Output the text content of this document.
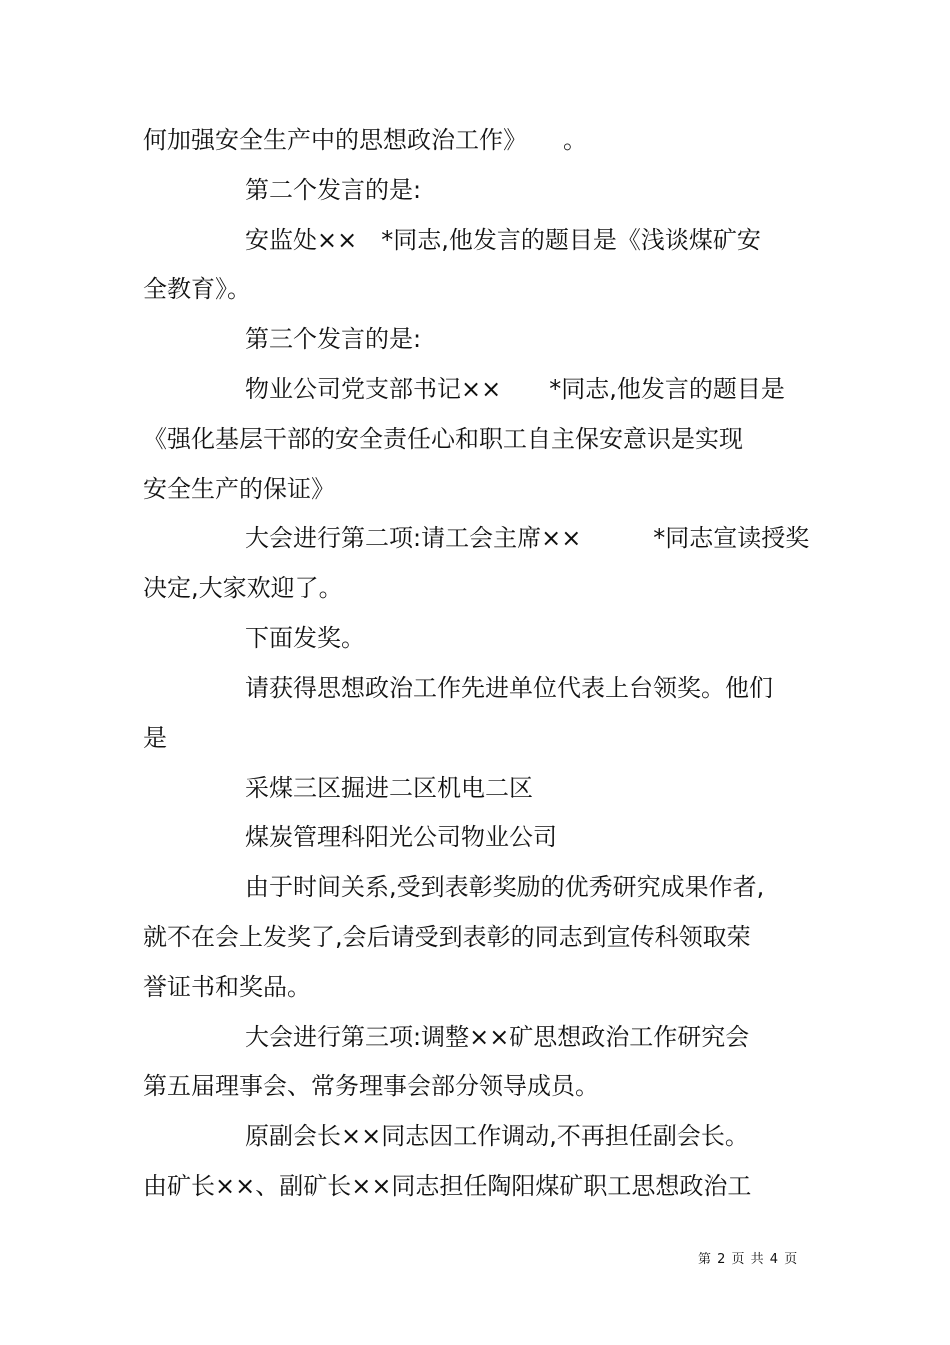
何加强安全生产中的思想政治工作》　　。
第二个发言的是:
安监处××　*同志,他发言的题目是《浅谈煤矿安
全教育》。
第三个发言的是:
物业公司党支部书记××　　*同志,他发言的题目是
《强化基层干部的安全责任心和职工自主保安意识是实现
安全生产的保证》
大会进行第二项:请工会主席××　　　*同志宣读授奖
决定,大家欢迎了。
下面发奖。
请获得思想政治工作先进单位代表上台领奖。他们
是
采煤三区掘进二区机电二区
煤炭管理科阳光公司物业公司
由于时间关系,受到表彰奖励的优秀研究成果作者,
就不在会上发奖了,会后请受到表彰的同志到宣传科领取荣
誉证书和奖品。
大会进行第三项:调整××矿思想政治工作研究会
第五届理事会、常务理事会部分领导成员。
原副会长××同志因工作调动,不再担任副会长。
由矿长××、副矿长××同志担任陶阳煤矿职工思想政治工
第 2 页 共 4 页
